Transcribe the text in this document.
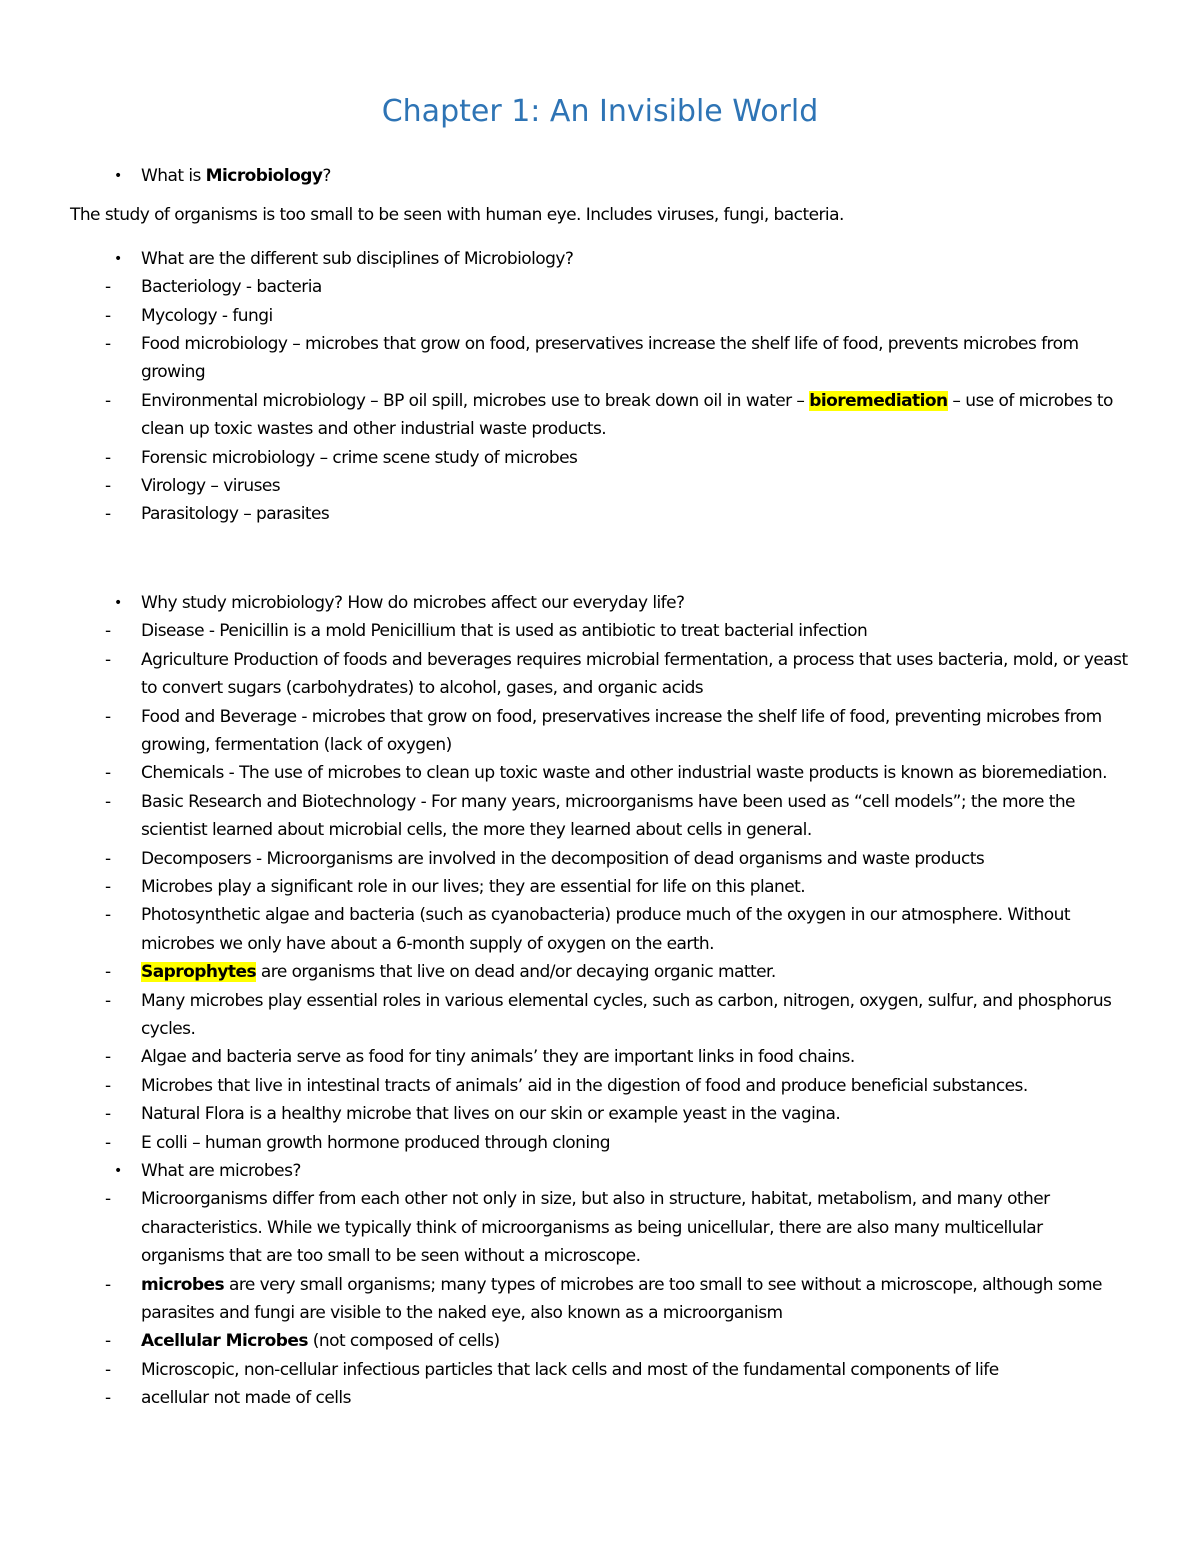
Chapter 1: An Invisible World
•	What is Microbiology?
The study of organisms is too small to be seen with human eye. Includes viruses, fungi, bacteria.
•	What are the different sub disciplines of Microbiology?
-	Bacteriology - bacteria
-	Mycology - fungi
-	Food microbiology – microbes that grow on food, preservatives increase the shelf life of food, prevents microbes from growing
-	Environmental microbiology – BP oil spill, microbes use to break down oil in water – bioremediation – use of microbes to clean up toxic wastes and other industrial waste products.
-	Forensic microbiology – crime scene study of microbes
-	Virology – viruses
-	Parasitology – parasites
•	Why study microbiology? How do microbes affect our everyday life?
-	Disease - Penicillin is a mold Penicillium that is used as antibiotic to treat bacterial infection
-	Agriculture Production of foods and beverages requires microbial fermentation, a process that uses bacteria, mold, or yeast to convert sugars (carbohydrates) to alcohol, gases, and organic acids
-	Food and Beverage - microbes that grow on food, preservatives increase the shelf life of food, preventing microbes from growing, fermentation (lack of oxygen)
-	Chemicals - The use of microbes to clean up toxic waste and other industrial waste products is known as bioremediation.
-	Basic Research and Biotechnology - For many years, microorganisms have been used as “cell models”; the more the scientist learned about microbial cells, the more they learned about cells in general.
-	Decomposers - Microorganisms are involved in the decomposition of dead organisms and waste products
-	Microbes play a significant role in our lives; they are essential for life on this planet.
-	Photosynthetic algae and bacteria (such as cyanobacteria) produce much of the oxygen in our atmosphere. Without microbes we only have about a 6-month supply of oxygen on the earth.
-	Saprophytes are organisms that live on dead and/or decaying organic matter.
-	Many microbes play essential roles in various elemental cycles, such as carbon, nitrogen, oxygen, sulfur, and phosphorus cycles.
-	Algae and bacteria serve as food for tiny animals’ they are important links in food chains.
-	Microbes that live in intestinal tracts of animals’ aid in the digestion of food and produce beneficial substances.
-	Natural Flora is a healthy microbe that lives on our skin or example yeast in the vagina.
-	E colli – human growth hormone produced through cloning
•	What are microbes?
-	Microorganisms differ from each other not only in size, but also in structure, habitat, metabolism, and many other characteristics. While we typically think of microorganisms as being unicellular, there are also many multicellular organisms that are too small to be seen without a microscope.
-	microbes are very small organisms; many types of microbes are too small to see without a microscope, although some parasites and fungi are visible to the naked eye, also known as a microorganism
-	Acellular Microbes (not composed of cells)
-	Microscopic, non-cellular infectious particles that lack cells and most of the fundamental components of life
-	acellular not made of cells
